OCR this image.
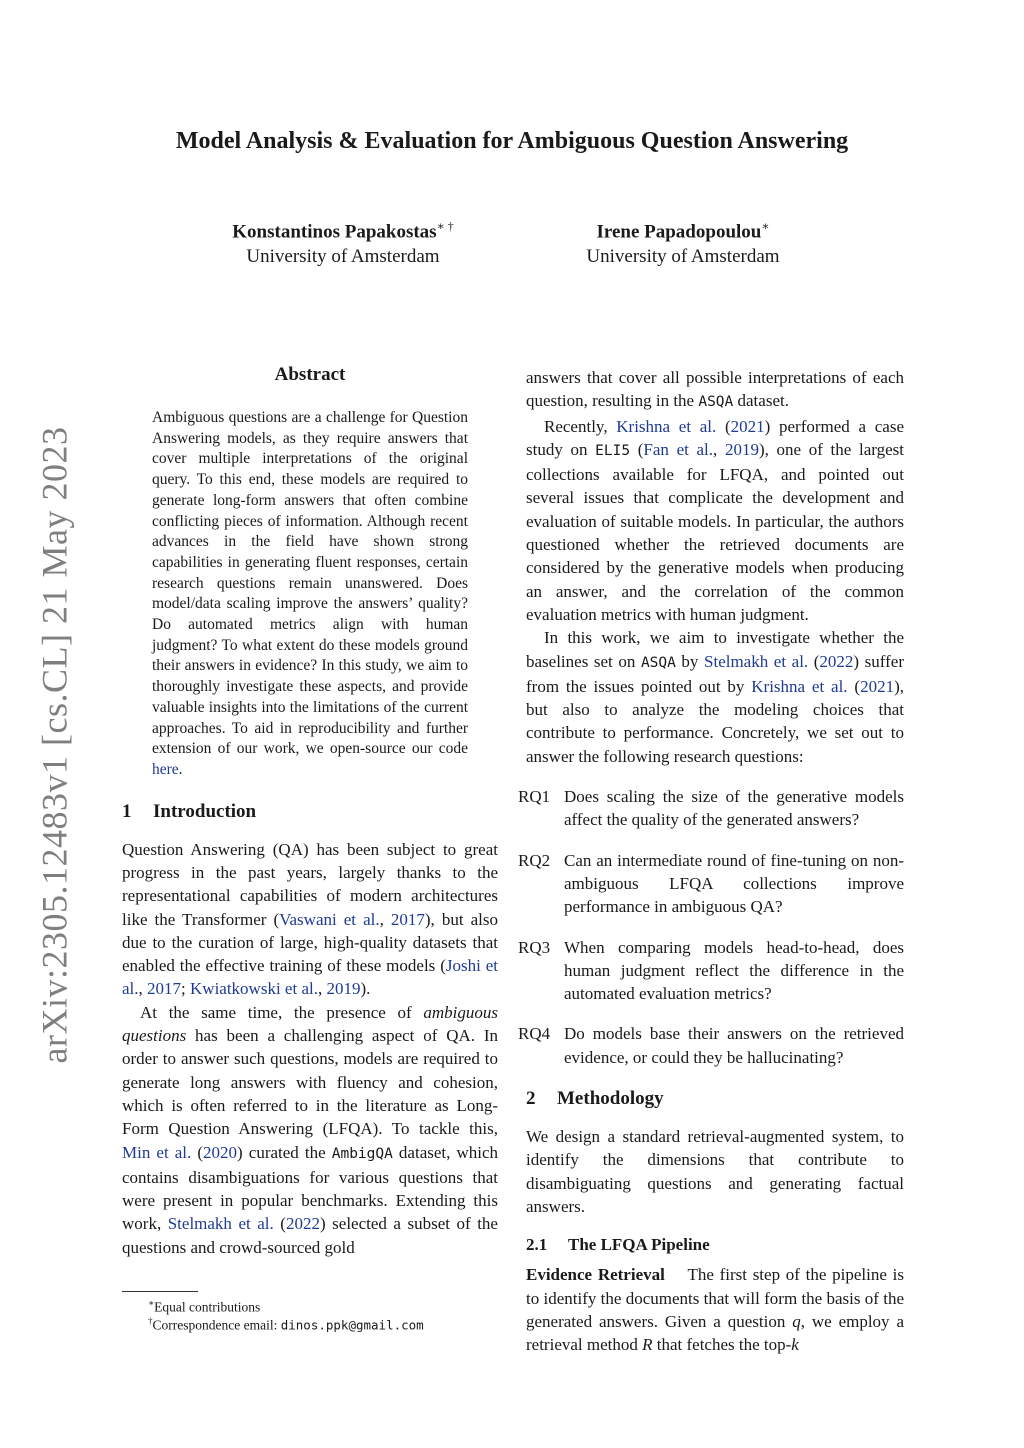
arXiv:2305.12483v1 [cs.CL] 21 May 2023
Model Analysis & Evaluation for Ambiguous Question Answering
Konstantinos Papakostas∗ †
University of Amsterdam
Irene Papadopoulou∗
University of Amsterdam
Abstract

Ambiguous questions are a challenge for Question Answering models, as they require answers that cover multiple interpretations of the original query. To this end, these models are required to generate long-form answers that often combine conflicting pieces of information. Although recent advances in the field have shown strong capabilities in generating fluent responses, certain research questions remain unanswered. Does model/data scaling improve the answers’ quality? Do automated metrics align with human judgment? To what extent do these models ground their answers in evidence? In this study, we aim to thoroughly investigate these aspects, and provide valuable insights into the limitations of the current approaches. To aid in reproducibility and further extension of our work, we open-source our code here.

1 Introduction

Question Answering (QA) has been subject to great progress in the past years, largely thanks to the representational capabilities of modern architectures like the Transformer (Vaswani et al., 2017), but also due to the curation of large, high-quality datasets that enabled the effective training of these models (Joshi et al., 2017; Kwiatkowski et al., 2019).

At the same time, the presence of ambiguous questions has been a challenging aspect of QA. In order to answer such questions, models are required to generate long answers with fluency and cohesion, which is often referred to in the literature as Long-Form Question Answering (LFQA). To tackle this, Min et al. (2020) curated the AmbigQA dataset, which contains disambiguations for various questions that were present in popular benchmarks. Extending this work, Stelmakh et al. (2022) selected a subset of the questions and crowd-sourced gold

∗Equal contributions
†Correspondence email: dinos.ppk@gmail.com

answers that cover all possible interpretations of each question, resulting in the ASQA dataset.

Recently, Krishna et al. (2021) performed a case study on ELI5 (Fan et al., 2019), one of the largest collections available for LFQA, and pointed out several issues that complicate the development and evaluation of suitable models. In particular, the authors questioned whether the retrieved documents are considered by the generative models when producing an answer, and the correlation of the common evaluation metrics with human judgment.

In this work, we aim to investigate whether the baselines set on ASQA by Stelmakh et al. (2022) suffer from the issues pointed out by Krishna et al. (2021), but also to analyze the modeling choices that contribute to performance. Concretely, we set out to answer the following research questions:

RQ1 Does scaling the size of the generative models affect the quality of the generated answers?
RQ2 Can an intermediate round of fine-tuning on non-ambiguous LFQA collections improve performance in ambiguous QA?
RQ3 When comparing models head-to-head, does human judgment reflect the difference in the automated evaluation metrics?
RQ4 Do models base their answers on the retrieved evidence, or could they be hallucinating?
2 Methodology

We design a standard retrieval-augmented system, to identify the dimensions that contribute to disambiguating questions and generating factual answers.

2.1 The LFQA Pipeline

Evidence Retrieval The first step of the pipeline is to identify the documents that will form the basis of the generated answers. Given a question q, we employ a retrieval method R that fetches the top-k
